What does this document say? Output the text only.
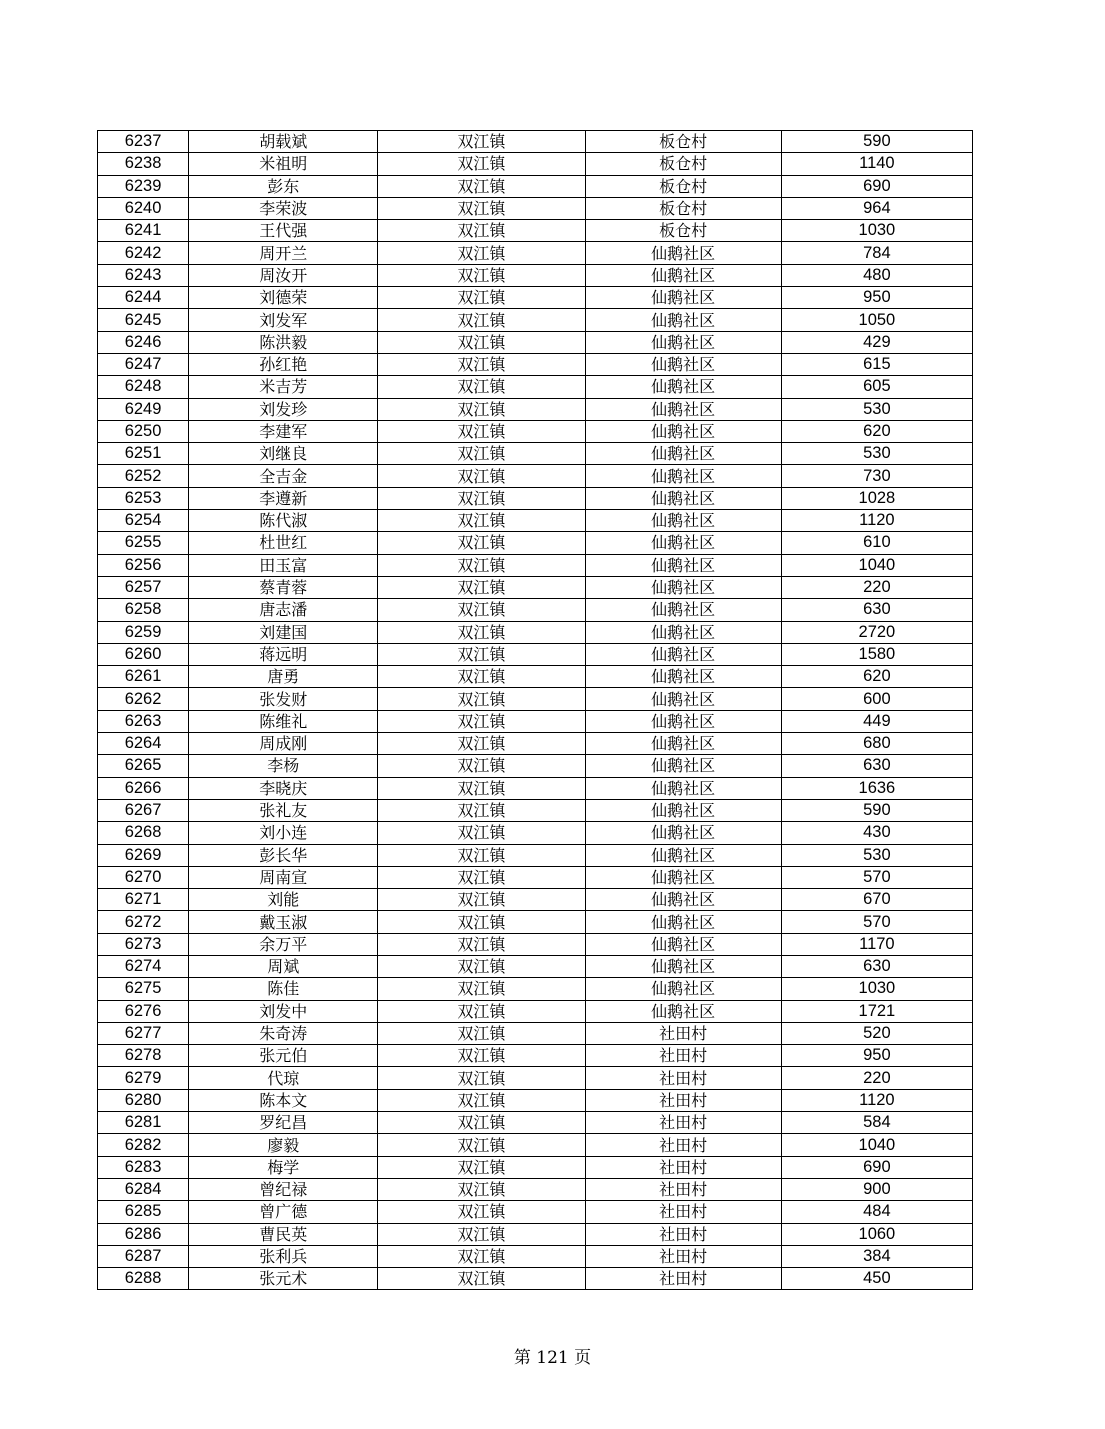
6237	胡载斌	双江镇	板仓村	590
6238	米祖明	双江镇	板仓村	1140
6239	彭东	双江镇	板仓村	690
6240	李荣波	双江镇	板仓村	964
6241	王代强	双江镇	板仓村	1030
6242	周开兰	双江镇	仙鹅社区	784
6243	周汝开	双江镇	仙鹅社区	480
6244	刘德荣	双江镇	仙鹅社区	950
6245	刘发军	双江镇	仙鹅社区	1050
6246	陈洪毅	双江镇	仙鹅社区	429
6247	孙红艳	双江镇	仙鹅社区	615
6248	米吉芳	双江镇	仙鹅社区	605
6249	刘发珍	双江镇	仙鹅社区	530
6250	李建军	双江镇	仙鹅社区	620
6251	刘继良	双江镇	仙鹅社区	530
6252	全吉金	双江镇	仙鹅社区	730
6253	李遵新	双江镇	仙鹅社区	1028
6254	陈代淑	双江镇	仙鹅社区	1120
6255	杜世红	双江镇	仙鹅社区	610
6256	田玉富	双江镇	仙鹅社区	1040
6257	蔡青蓉	双江镇	仙鹅社区	220
6258	唐志潘	双江镇	仙鹅社区	630
6259	刘建国	双江镇	仙鹅社区	2720
6260	蒋远明	双江镇	仙鹅社区	1580
6261	唐勇	双江镇	仙鹅社区	620
6262	张发财	双江镇	仙鹅社区	600
6263	陈维礼	双江镇	仙鹅社区	449
6264	周成刚	双江镇	仙鹅社区	680
6265	李杨	双江镇	仙鹅社区	630
6266	李晓庆	双江镇	仙鹅社区	1636
6267	张礼友	双江镇	仙鹅社区	590
6268	刘小连	双江镇	仙鹅社区	430
6269	彭长华	双江镇	仙鹅社区	530
6270	周南宣	双江镇	仙鹅社区	570
6271	刘能	双江镇	仙鹅社区	670
6272	戴玉淑	双江镇	仙鹅社区	570
6273	余万平	双江镇	仙鹅社区	1170
6274	周斌	双江镇	仙鹅社区	630
6275	陈佳	双江镇	仙鹅社区	1030
6276	刘发中	双江镇	仙鹅社区	1721
6277	朱奇涛	双江镇	社田村	520
6278	张元伯	双江镇	社田村	950
6279	代琼	双江镇	社田村	220
6280	陈本文	双江镇	社田村	1120
6281	罗纪昌	双江镇	社田村	584
6282	廖毅	双江镇	社田村	1040
6283	梅学	双江镇	社田村	690
6284	曾纪禄	双江镇	社田村	900
6285	曾广德	双江镇	社田村	484
6286	曹民英	双江镇	社田村	1060
6287	张利兵	双江镇	社田村	384
6288	张元术	双江镇	社田村	450
第 121 页
